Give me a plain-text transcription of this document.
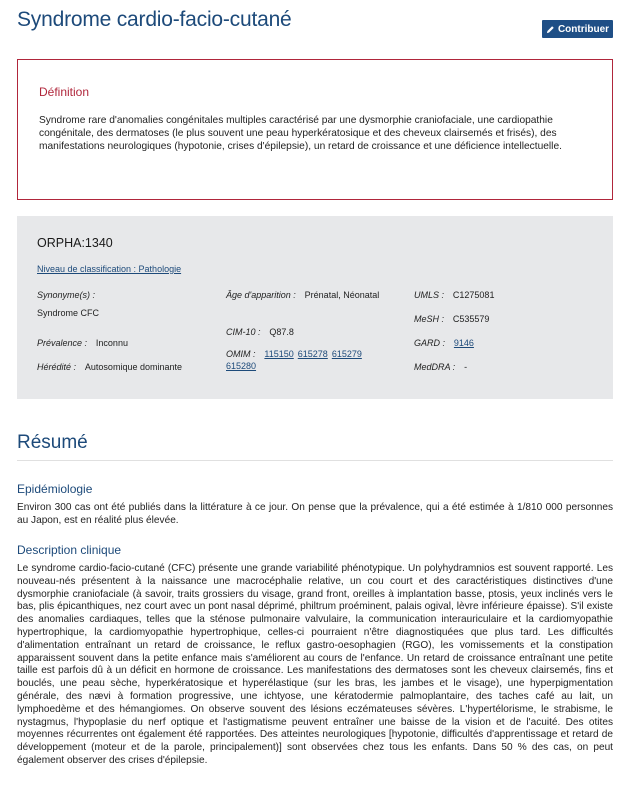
Syndrome cardio-facio-cutané	Contribuer
Définition

Syndrome rare d'anomalies congénitales multiples caractérisé par une dysmorphie craniofaciale, une cardiopathie congénitale, des dermatoses (le plus souvent une peau hyperkératosique et des cheveux clairsemés et frisés), des manifestations neurologiques (hypotonie, crises d'épilepsie), un retard de croissance et une déficience intellectuelle.

ORPHA:1340
Niveau de classification : Pathologie
Synonyme(s) :
Syndrome CFC
Prévalence : Inconnu
Hérédité : Autosomique dominante
Âge d'apparition : Prénatal, Néonatal
CIM-10 : Q87.8
OMIM : 115150 615278 615279
615280
UMLS : C1275081
MeSH : C535579
GARD : 9146
MedDRA : -
Résumé
Epidémiologie

Environ 300 cas ont été publiés dans la littérature à ce jour. On pense que la prévalence, qui a été estimée à 1/810 000 personnes au Japon, est en réalité plus élevée.

Description clinique

Le syndrome cardio-facio-cutané (CFC) présente une grande variabilité phénotypique. Un polyhydramnios est souvent rapporté. Les nouveau-nés présentent à la naissance une macrocéphalie relative, un cou court et des caractéristiques distinctives d'une dysmorphie craniofaciale (à savoir, traits grossiers du visage, grand front, oreilles à implantation basse, ptosis, yeux inclinés vers le bas, plis épicanthiques, nez court avec un pont nasal déprimé, philtrum proéminent, palais ogival, lèvre inférieure épaisse). S'il existe des anomalies cardiaques, telles que la sténose pulmonaire valvulaire, la communication interauriculaire et la cardiomyopathie hypertrophique, la cardiomyopathie hypertrophique, celles-ci pourraient n'être diagnostiquées que plus tard. Les difficultés d'alimentation entraînant un retard de croissance, le reflux gastro-oesophagien (RGO), les vomissements et la constipation apparaissent souvent dans la petite enfance mais s'améliorent au cours de l'enfance. Un retard de croissance entraînant une petite taille est parfois dû à un déficit en hormone de croissance. Les manifestations des dermatoses sont les cheveux clairsemés, fins et bouclés, une peau sèche, hyperkératosique et hyperélastique (sur les bras, les jambes et le visage), une hyperpigmentation générale, des nævi à formation progressive, une ichtyose, une kératodermie palmoplantaire, des taches café au lait, un lymphoedème et des hémangiomes. On observe souvent des lésions eczémateuses sévères. L'hypertélorisme, le strabisme, le nystagmus, l'hypoplasie du nerf optique et l'astigmatisme peuvent entraîner une baisse de la vision et de l'acuité. Des otites moyennes récurrentes ont également été rapportées. Des atteintes neurologiques [hypotonie, difficultés d'apprentissage et retard de développement (moteur et de la parole, principalement)] sont observées chez tous les enfants. Dans 50 % des cas, on peut également observer des crises d'épilepsie.
